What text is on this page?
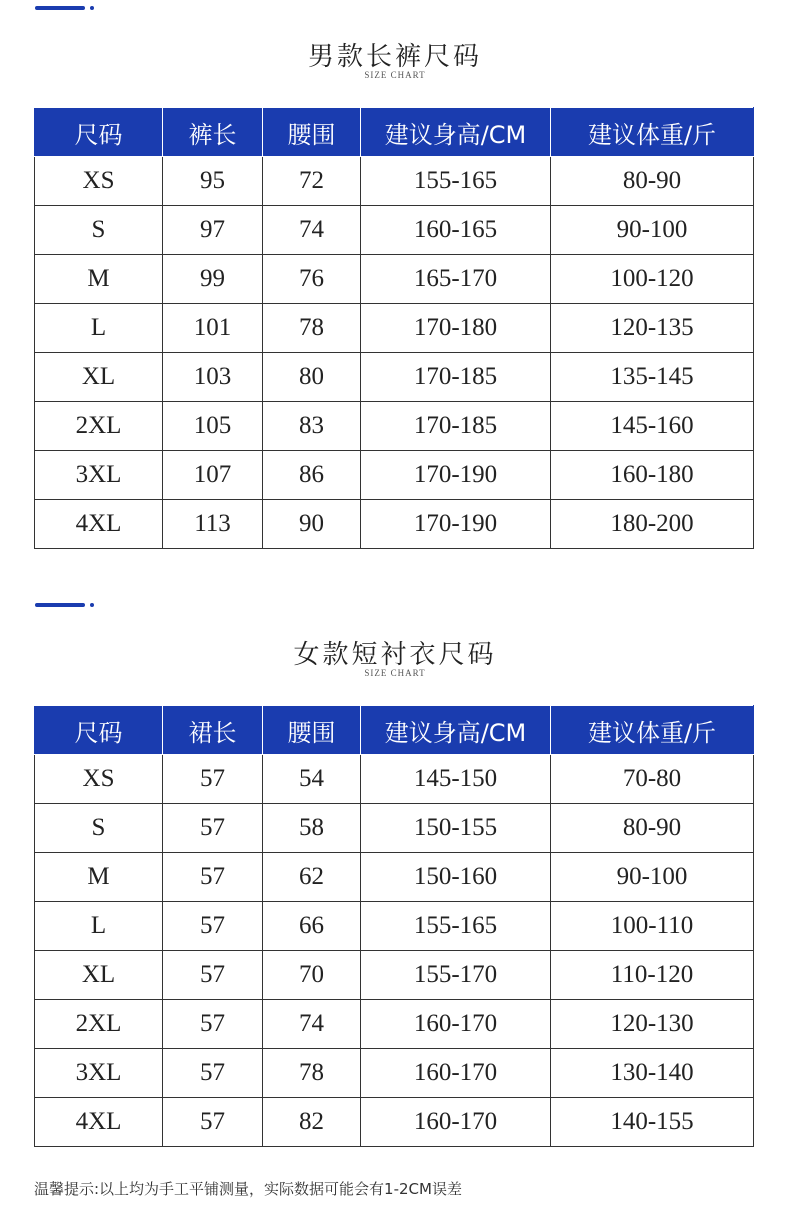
男款长裤尺码
SIZE CHART
尺码	裤长	腰围	建议身高/CM	建议体重/斤
XS	95	72	155-165	80-90
S	97	74	160-165	90-100
M	99	76	165-170	100-120
L	101	78	170-180	120-135
XL	103	80	170-185	135-145
2XL	105	83	170-185	145-160
3XL	107	86	170-190	160-180
4XL	113	90	170-190	180-200
女款短衬衣尺码
SIZE CHART
尺码	裙长	腰围	建议身高/CM	建议体重/斤
XS	57	54	145-150	70-80
S	57	58	150-155	80-90
M	57	62	150-160	90-100
L	57	66	155-165	100-110
XL	57	70	155-170	110-120
2XL	57	74	160-170	120-130
3XL	57	78	160-170	130-140
4XL	57	82	160-170	140-155
温馨提示:以上均为手工平铺测量，实际数据可能会有1-2CM误差
